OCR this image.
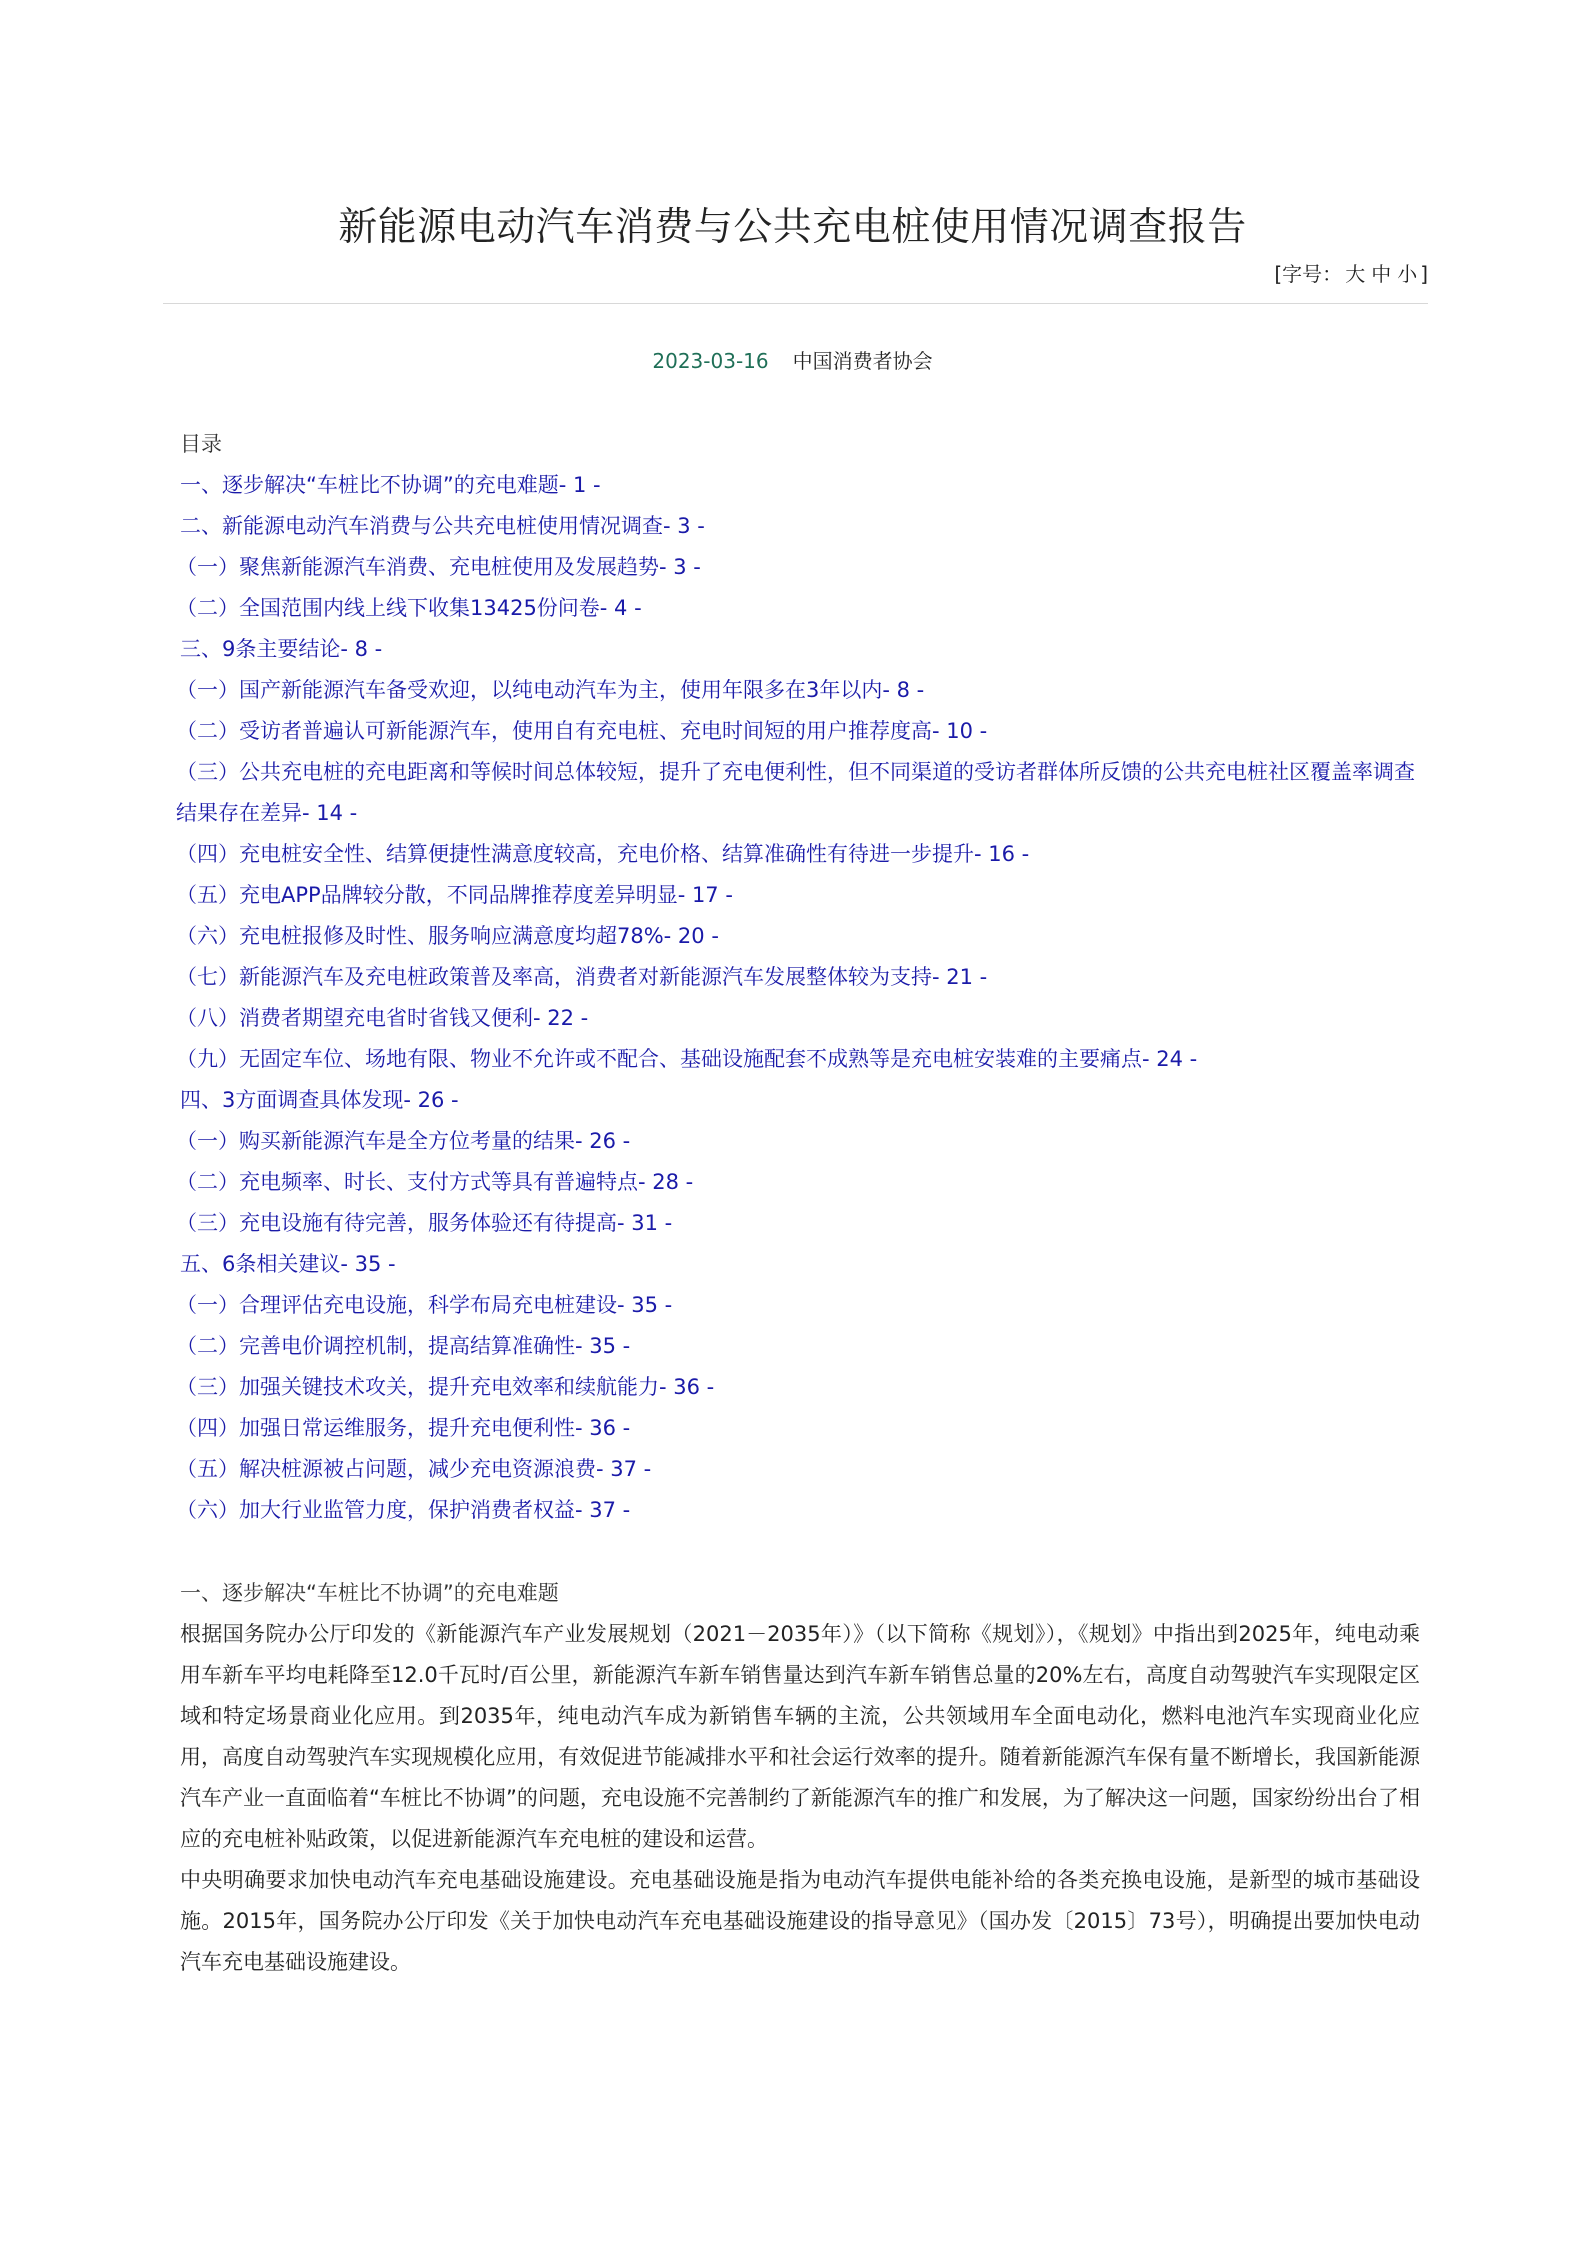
新能源电动汽车消费与公共充电桩使用情况调查报告
[字号： 大 中 小 ]
2023-03-16 中国消费者协会
目录
一、逐步解决“车桩比不协调”的充电难题- 1 -
二、新能源电动汽车消费与公共充电桩使用情况调查- 3 -
（一）聚焦新能源汽车消费、充电桩使用及发展趋势- 3 -
（二）全国范围内线上线下收集13425份问卷- 4 -
三、9条主要结论- 8 -
（一）国产新能源汽车备受欢迎，以纯电动汽车为主，使用年限多在3年以内- 8 -
（二）受访者普遍认可新能源汽车，使用自有充电桩、充电时间短的用户推荐度高- 10 -
（三）公共充电桩的充电距离和等候时间总体较短，提升了充电便利性，但不同渠道的受访者群体所反馈的公共充电桩社区覆盖率调查结果存在差异- 14 -
（四）充电桩安全性、结算便捷性满意度较高，充电价格、结算准确性有待进一步提升- 16 -
（五）充电APP品牌较分散，不同品牌推荐度差异明显- 17 -
（六）充电桩报修及时性、服务响应满意度均超78%- 20 -
（七）新能源汽车及充电桩政策普及率高，消费者对新能源汽车发展整体较为支持- 21 -
（八）消费者期望充电省时省钱又便利- 22 -
（九）无固定车位、场地有限、物业不允许或不配合、基础设施配套不成熟等是充电桩安装难的主要痛点- 24 -
四、3方面调查具体发现- 26 -
（一）购买新能源汽车是全方位考量的结果- 26 -
（二）充电频率、时长、支付方式等具有普遍特点- 28 -
（三）充电设施有待完善，服务体验还有待提高- 31 -
五、6条相关建议- 35 -
（一）合理评估充电设施，科学布局充电桩建设- 35 -
（二）完善电价调控机制，提高结算准确性- 35 -
（三）加强关键技术攻关，提升充电效率和续航能力- 36 -
（四）加强日常运维服务，提升充电便利性- 36 -
（五）解决桩源被占问题，减少充电资源浪费- 37 -
（六）加大行业监管力度，保护消费者权益- 37 -
一、逐步解决“车桩比不协调”的充电难题

根据国务院办公厅印发的《新能源汽车产业发展规划（2021－2035年）》（以下简称《规划》），《规划》中指出到2025年，纯电动乘用车新车平均电耗降至12.0千瓦时/百公里，新能源汽车新车销售量达到汽车新车销售总量的20%左右，高度自动驾驶汽车实现限定区域和特定场景商业化应用。到2035年，纯电动汽车成为新销售车辆的主流，公共领域用车全面电动化，燃料电池汽车实现商业化应用，高度自动驾驶汽车实现规模化应用，有效促进节能减排水平和社会运行效率的提升。随着新能源汽车保有量不断增长，我国新能源汽车产业一直面临着“车桩比不协调”的问题，充电设施不完善制约了新能源汽车的推广和发展，为了解决这一问题，国家纷纷出台了相应的充电桩补贴政策，以促进新能源汽车充电桩的建设和运营。

中央明确要求加快电动汽车充电基础设施建设。充电基础设施是指为电动汽车提供电能补给的各类充换电设施，是新型的城市基础设施。2015年，国务院办公厅印发《关于加快电动汽车充电基础设施建设的指导意见》（国办发〔2015〕73号），明确提出要加快电动汽车充电基础设施建设。
